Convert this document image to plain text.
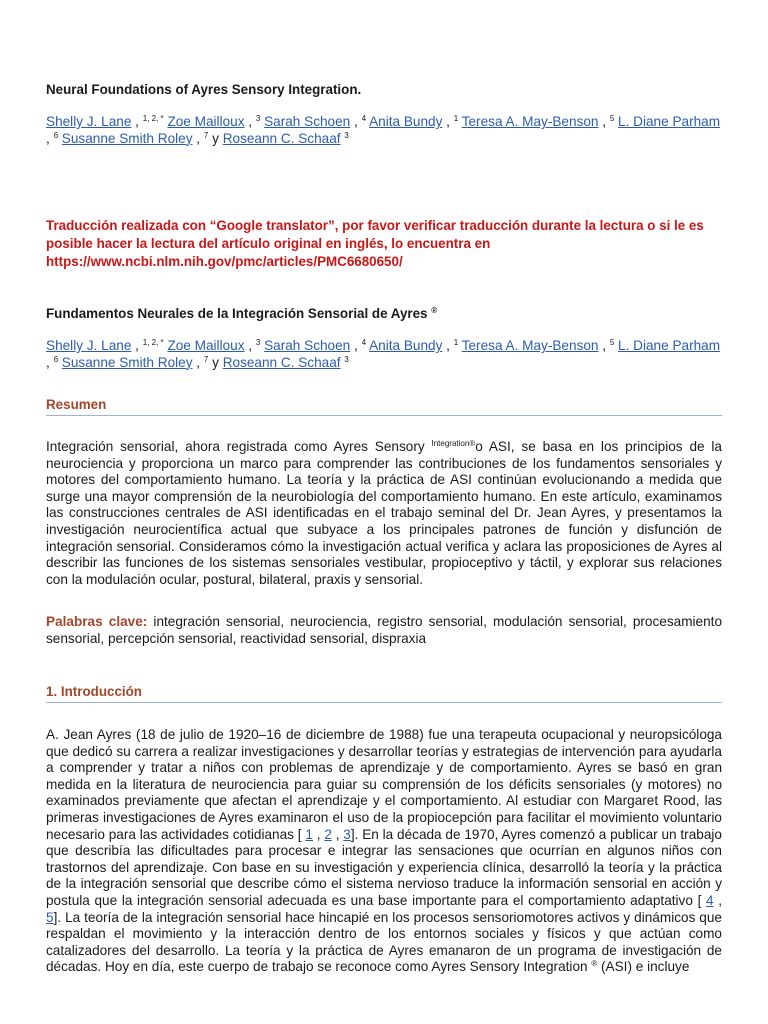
Neural Foundations of Ayres Sensory Integration.
Shelly J. Lane , $^{1, 2, *}$ Zoe Mailloux , $^3$ Sarah Schoen , $^4$ Anita Bundy , $^1$ Teresa A. May-Benson , $^5$ L. Diane Parham , $^6$ Susanne Smith Roley , $^7$ y Roseann C. Schaaf $^3$
Traducción realizada con “Google translator”, por favor verificar traducción durante la lectura o si le es posible hacer la lectura del artículo original en inglés, lo encuentra en https://www.ncbi.nlm.nih.gov/pmc/articles/PMC6680650/
Fundamentos Neurales de la Integración Sensorial de Ayres ®
Shelly J. Lane , $^{1, 2, *}$ Zoe Mailloux , $^3$ Sarah Schoen , $^4$ Anita Bundy , $^1$ Teresa A. May-Benson , $^5$ L. Diane Parham , $^6$ Susanne Smith Roley , $^7$ y Roseann C. Schaaf $^3$
Resumen
Integración sensorial, ahora registrada como Ayres Sensory $^{Integration®}$o ASI, se basa en los principios de la neurociencia y proporciona un marco para comprender las contribuciones de los fundamentos sensoriales y motores del comportamiento humano. La teoría y la práctica de ASI continúan evolucionando a medida que surge una mayor comprensión de la neurobiología del comportamiento humano. En este artículo, examinamos las construcciones centrales de ASI identificadas en el trabajo seminal del Dr. Jean Ayres, y presentamos la investigación neurocientífica actual que subyace a los principales patrones de función y disfunción de integración sensorial. Consideramos cómo la investigación actual verifica y aclara las proposiciones de Ayres al describir las funciones de los sistemas sensoriales vestibular, propioceptivo y táctil, y explorar sus relaciones con la modulación ocular, postural, bilateral, praxis y sensorial.
Palabras clave: integración sensorial, neurociencia, registro sensorial, modulación sensorial, procesamiento sensorial, percepción sensorial, reactividad sensorial, dispraxia
1. Introducción
A. Jean Ayres (18 de julio de 1920–16 de diciembre de 1988) fue una terapeuta ocupacional y neuropsicóloga que dedicó su carrera a realizar investigaciones y desarrollar teorías y estrategias de intervención para ayudarla a comprender y tratar a niños con problemas de aprendizaje y de comportamiento. Ayres se basó en gran medida en la literatura de neurociencia para guiar su comprensión de los déficits sensoriales (y motores) no examinados previamente que afectan el aprendizaje y el comportamiento. Al estudiar con Margaret Rood, las primeras investigaciones de Ayres examinaron el uso de la propiocepción para facilitar el movimiento voluntario necesario para las actividades cotidianas [ 1 , 2 , 3]. En la década de 1970, Ayres comenzó a publicar un trabajo que describía las dificultades para procesar e integrar las sensaciones que ocurrían en algunos niños con trastornos del aprendizaje. Con base en su investigación y experiencia clínica, desarrolló la teoría y la práctica de la integración sensorial que describe cómo el sistema nervioso traduce la información sensorial en acción y postula que la integración sensorial adecuada es una base importante para el comportamiento adaptativo [ 4 , 5]. La teoría de la integración sensorial hace hincapié en los procesos sensoriomotores activos y dinámicos que respaldan el movimiento y la interacción dentro de los entornos sociales y físicos y que actúan como catalizadores del desarrollo. La teoría y la práctica de Ayres emanaron de un programa de investigación de décadas. Hoy en día, este cuerpo de trabajo se reconoce como Ayres Sensory Integration ® (ASI) e incluye
